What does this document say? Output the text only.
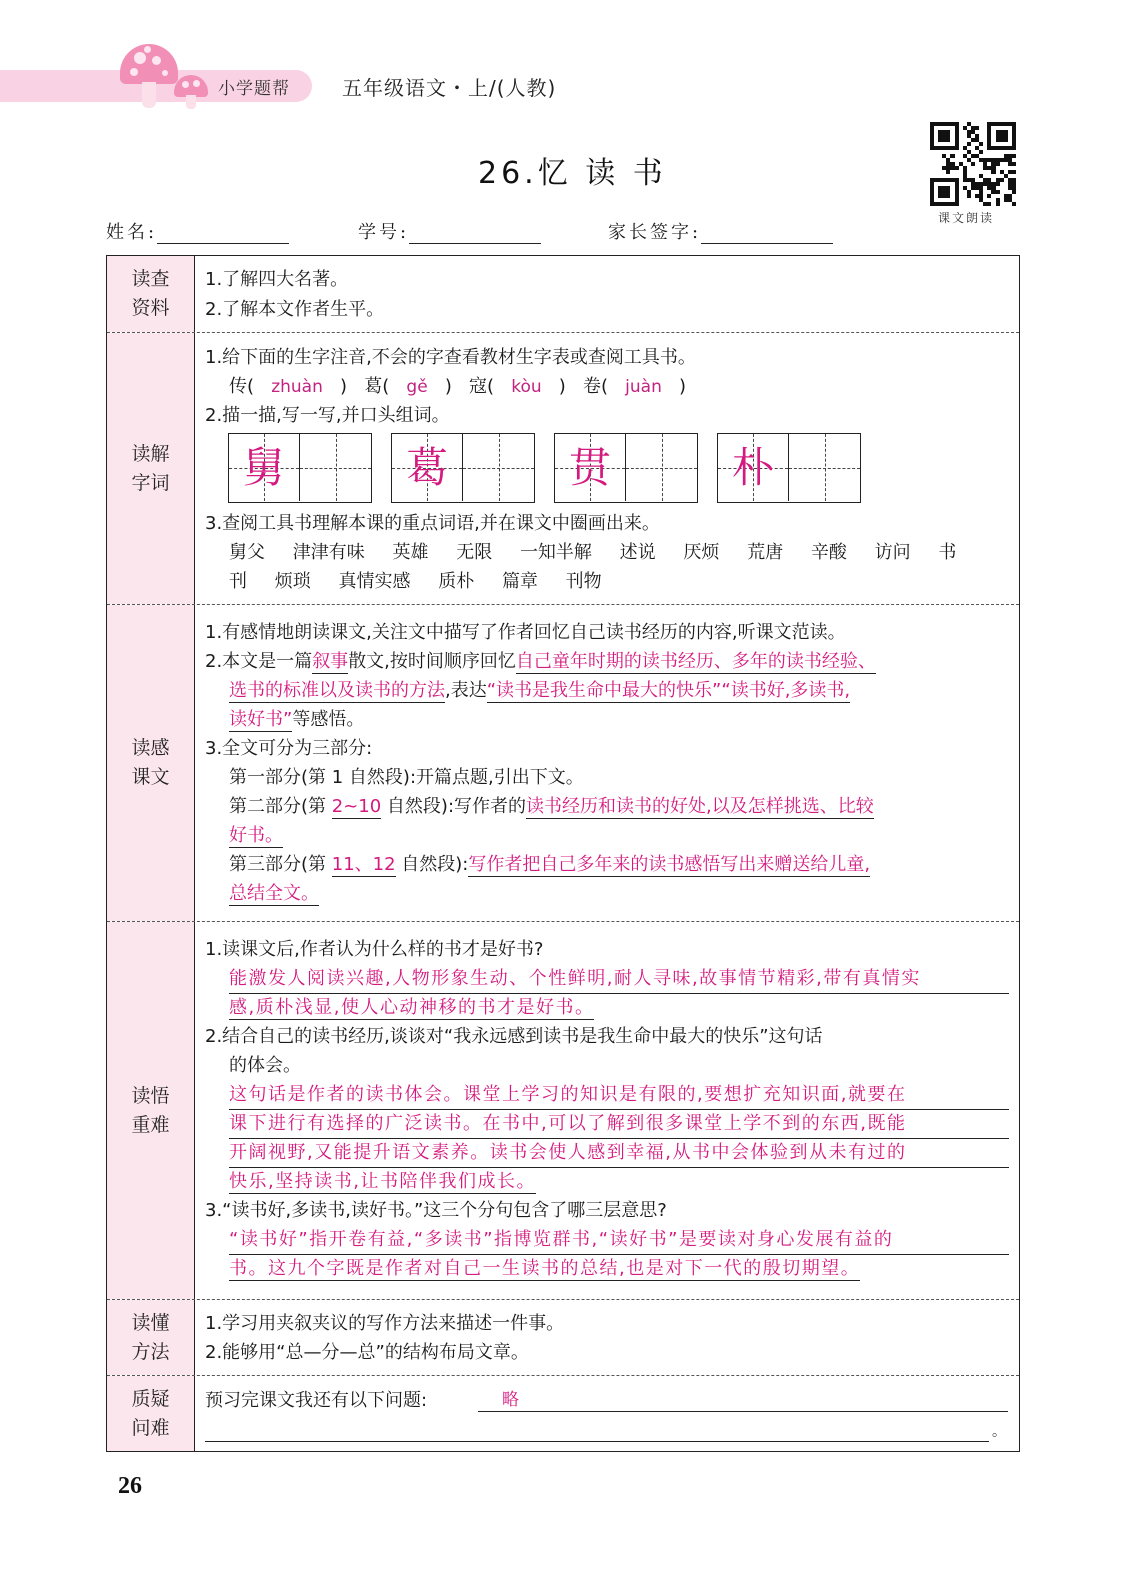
小学题帮	五年级语文・上/(人教)
26.忆 读 书
课文朗读
姓名:	学号:	家长签字:
读查
资料
1.了解四大名著。
2.了解本文作者生平。
读解
字词
1.给下面的生字注音,不会的字查看教材生字表或查阅工具书。
传(   zhuàn   )   葛(   gě   )   寇(   kòu   )   卷(   juàn   )
2.描一描,写一写,并口头组词。
舅	葛	贯	朴
3.查阅工具书理解本课的重点词语,并在课文中圈画出来。
舅父 津津有味 英雄 无限 一知半解 述说 厌烦 荒唐 辛酸 访问 书
刊 烦琐 真情实感 质朴 篇章 刊物
读感
课文
1.有感情地朗读课文,关注文中描写了作者回忆自己读书经历的内容,听课文范读。
2.本文是一篇叙事散文,按时间顺序回忆自己童年时期的读书经历、多年的读书经验、
选书的标准以及读书的方法,表达“读书是我生命中最大的快乐”“读书好,多读书,
读好书”等感悟。
3.全文可分为三部分:
第一部分(第 1 自然段):开篇点题,引出下文。
第二部分(第 2~10 自然段):写作者的读书经历和读书的好处,以及怎样挑选、比较
好书。
第三部分(第 11、12 自然段):写作者把自己多年来的读书感悟写出来赠送给儿童,
总结全文。
读悟
重难
1.读课文后,作者认为什么样的书才是好书?
能激发人阅读兴趣,人物形象生动、个性鲜明,耐人寻味,故事情节精彩,带有真情实
感,质朴浅显,使人心动神移的书才是好书。
2.结合自己的读书经历,谈谈对“我永远感到读书是我生命中最大的快乐”这句话
的体会。
这句话是作者的读书体会。课堂上学习的知识是有限的,要想扩充知识面,就要在
课下进行有选择的广泛读书。在书中,可以了解到很多课堂上学不到的东西,既能
开阔视野,又能提升语文素养。读书会使人感到幸福,从书中会体验到从未有过的
快乐,坚持读书,让书陪伴我们成长。
3.“读书好,多读书,读好书。”这三个分句包含了哪三层意思?
“读书好”指开卷有益,“多读书”指博览群书,“读好书”是要读对身心发展有益的
书。这九个字既是作者对自己一生读书的总结,也是对下一代的殷切期望。
读懂
方法
1.学习用夹叙夹议的写作方法来描述一件事。
2.能够用“总—分—总”的结构布局文章。
质疑
问难
预习完课文我还有以下问题:	略
。
26
